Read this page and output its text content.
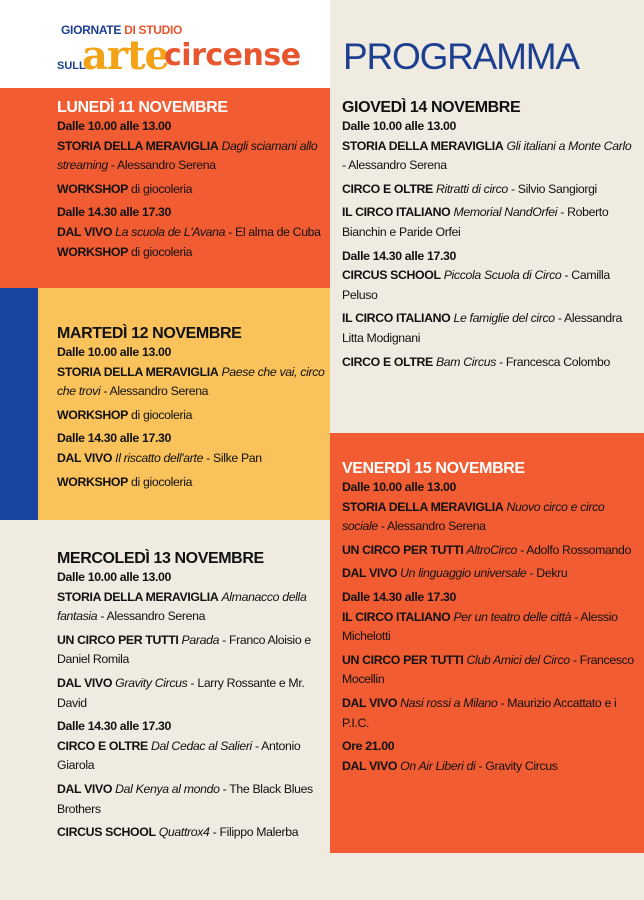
GIORNATE DI STUDIO
SULL'
arte
circense PROGRAMMA
LUNEDÌ 11 NOVEMBRE
Dalle 10.00 alle 13.00
STORIA DELLA MERAVIGLIA Dagli sciamani allo streaming - Alessandro Serena
WORKSHOP di giocoleria
Dalle 14.30 alle 17.30
DAL VIVO La scuola de L'Avana - El alma de Cuba
WORKSHOP di giocoleria
MARTEDÌ 12 NOVEMBRE
Dalle 10.00 alle 13.00
STORIA DELLA MERAVIGLIA Paese che vai, circo che trovi - Alessandro Serena
WORKSHOP di giocoleria
Dalle 14.30 alle 17.30
DAL VIVO Il riscatto dell'arte - Silke Pan
WORKSHOP di giocoleria
MERCOLEDÌ 13 NOVEMBRE
Dalle 10.00 alle 13.00
STORIA DELLA MERAVIGLIA Almanacco della fantasia - Alessandro Serena
UN CIRCO PER TUTTI Parada - Franco Aloisio e Daniel Romila
DAL VIVO Gravity Circus - Larry Rossante e Mr. David
Dalle 14.30 alle 17.30
CIRCO E OLTRE Dal Cedac al Salieri - Antonio Giarola
DAL VIVO Dal Kenya al mondo - The Black Blues Brothers
CIRCUS SCHOOL Quattrox4 - Filippo Malerba
GIOVEDÌ 14 NOVEMBRE
Dalle 10.00 alle 13.00
STORIA DELLA MERAVIGLIA Gli italiani a Monte Carlo - Alessandro Serena
CIRCO E OLTRE Ritratti di circo - Silvio Sangiorgi
IL CIRCO ITALIANO Memorial NandOrfei - Roberto Bianchin e Paride Orfei
Dalle 14.30 alle 17.30
CIRCUS SCHOOL Piccola Scuola di Circo - Camilla Peluso
IL CIRCO ITALIANO Le famiglie del circo - Alessandra Litta Modignani
CIRCO E OLTRE Bam Circus - Francesca Colombo
VENERDÌ 15 NOVEMBRE
Dalle 10.00 alle 13.00
STORIA DELLA MERAVIGLIA Nuovo circo e circo sociale - Alessandro Serena
UN CIRCO PER TUTTI AltroCirco - Adolfo Rossomando
DAL VIVO Un linguaggio universale - Dekru
Dalle 14.30 alle 17.30
IL CIRCO ITALIANO Per un teatro delle città - Alessio Michelotti
UN CIRCO PER TUTTI Club Amici del Circo - Francesco Mocellin
DAL VIVO Nasi rossi a Milano - Maurizio Accattato e i P.I.C.
Ore 21.00
DAL VIVO On Air Liberi di - Gravity Circus
